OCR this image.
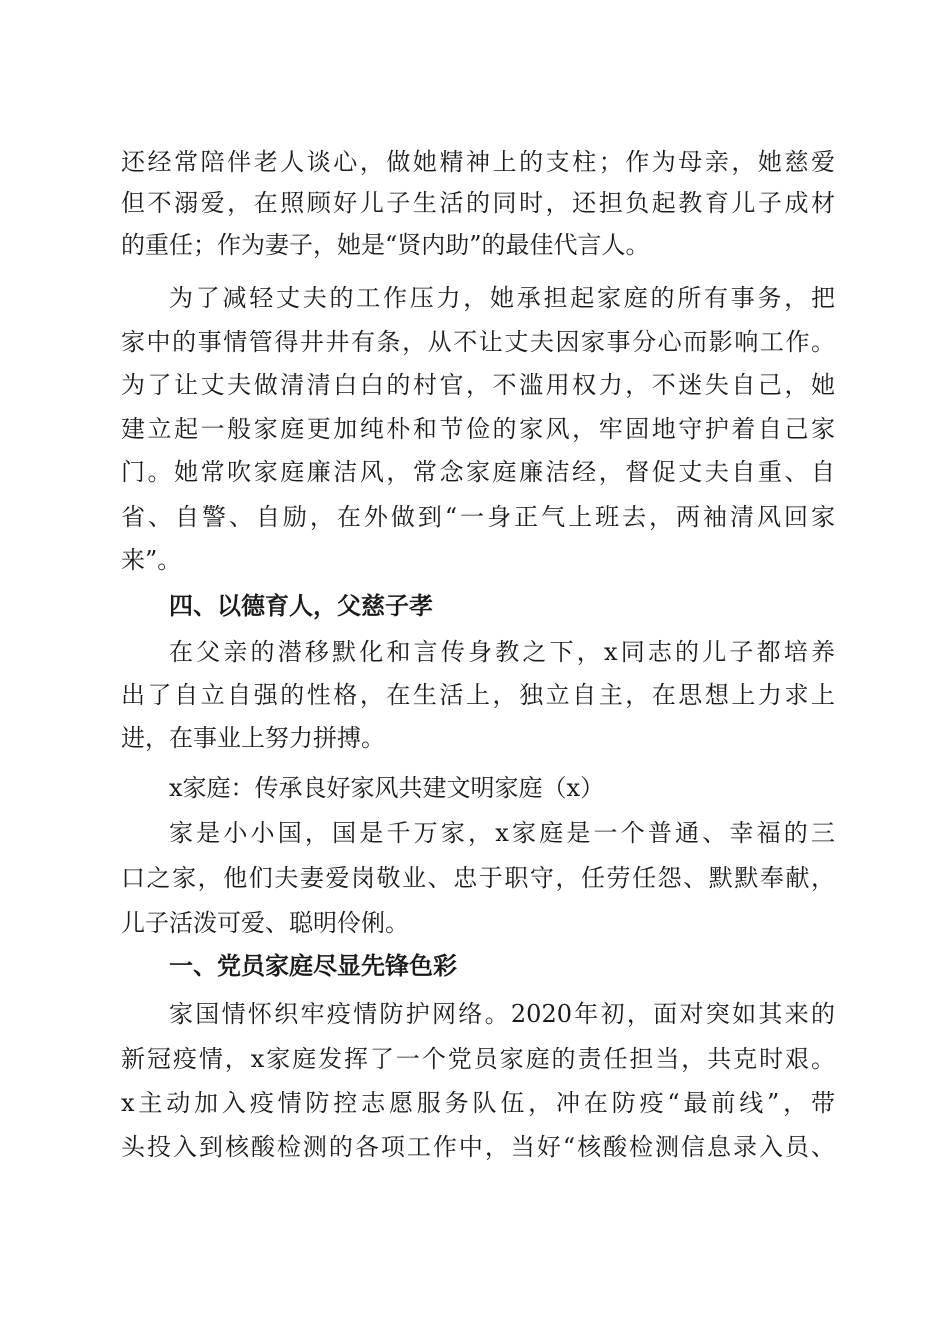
还经常陪伴老人谈心，做她精神上的支柱；作为母亲，她慈爱
但不溺爱，在照顾好儿子生活的同时，还担负起教育儿子成材
的重任；作为妻子，她是“贤内助”的最佳代言人。
为了减轻丈夫的工作压力，她承担起家庭的所有事务，把
家中的事情管得井井有条，从不让丈夫因家事分心而影响工作。
为了让丈夫做清清白白的村官，不滥用权力，不迷失自己，她
建立起一般家庭更加纯朴和节俭的家风，牢固地守护着自己家
门。她常吹家庭廉洁风，常念家庭廉洁经，督促丈夫自重、自
省、自警、自励，在外做到“一身正气上班去，两袖清风回家
来”。
四、以德育人，父慈子孝
在父亲的潜移默化和言传身教之下，x同志的儿子都培养
出了自立自强的性格，在生活上，独立自主，在思想上力求上
进，在事业上努力拼搏。
x家庭：传承良好家风共建文明家庭（x）
家是小小国，国是千万家，x家庭是一个普通、幸福的三
口之家，他们夫妻爱岗敬业、忠于职守，任劳任怨、默默奉献，
儿子活泼可爱、聪明伶俐。
一、党员家庭尽显先锋色彩
家国情怀织牢疫情防护网络。2020年初，面对突如其来的
新冠疫情，x家庭发挥了一个党员家庭的责任担当，共克时艰。
x主动加入疫情防控志愿服务队伍，冲在防疫“最前线”，带
头投入到核酸检测的各项工作中，当好“核酸检测信息录入员、
